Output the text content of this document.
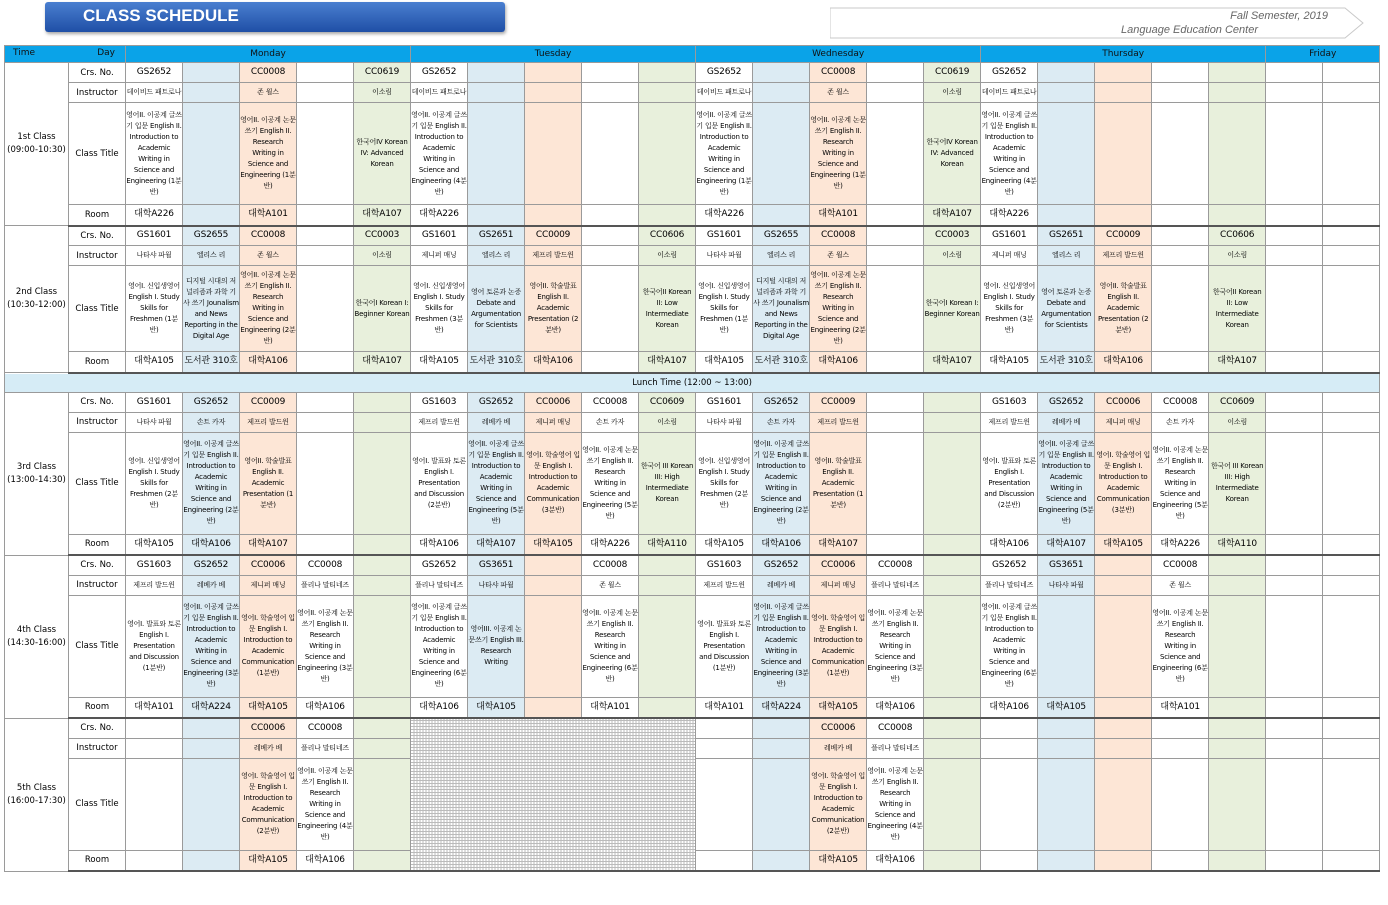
CLASS SCHEDULE	Fall Semester, 2019
Language Education Center
Time Day		Monday					Tuesday					Wednesday					Thursday					Friday	

1st Class
(09:00-10:30)	Crs. No.	GS2652		CC0008		CC0619	GS2652					GS2652		CC0008		CC0619	GS2652						
	Instructor	데이비드 패트로나		존 윌스		이소림	데이비드 패트로나					데이비드 패트로나		존 윌스		이소림	데이비드 패트로나						
	Class Title	영어II. 이공계 글쓰기 입문 English II. Introduction to Academic Writing in Science and Engineering (1분반)		영어II. 이공계 논문쓰기 English II. Research Writing in Science and Engineering (1분반)		한국어IV Korean IV: Advanced Korean	영어II. 이공계 글쓰기 입문 English II. Introduction to Academic Writing in Science and Engineering (4분반)					영어II. 이공계 글쓰기 입문 English II. Introduction to Academic Writing in Science and Engineering (1분반)		영어II. 이공계 논문쓰기 English II. Research Writing in Science and Engineering (1분반)		한국어IV Korean IV: Advanced Korean	영어II. 이공계 글쓰기 입문 English II. Introduction to Academic Writing in Science and Engineering (4분반)						
	Room	대학A226		대학A101		대학A107	대학A226					대학A226		대학A101		대학A107	대학A226						

2nd Class
(10:30-12:00)	Crs. No.	GS1601	GS2655	CC0008		CC0003	GS1601	GS2651	CC0009		CC0606	GS1601	GS2655	CC0008		CC0003	GS1601	GS2651	CC0009		CC0606		
	Instructor	나타샤 파월	엘리스 리	존 윌스		이소림	제니퍼 매닝	엘리스 리	제프리 발드윈		이소림	나타샤 파월	엘리스 리	존 윌스		이소림	제니퍼 매닝	엘리스 리	제프리 발드윈		이소림		
	Class Title	영어I. 신입생영어 English I. Study Skills for Freshmen (1분반)	디지털 시대의 저널리즘과 과학 기사 쓰기 Jounalism and News Reporting in the Digital Age	영어II. 이공계 논문쓰기 English II. Research Writing in Science and Engineering (2분반)		한국어I Korean I: Beginner Korean	영어I. 신입생영어 English I. Study Skills for Freshmen (3분반)	영어 토론과 논증 Debate and Argumentation for Scientists	영어II. 학술발표 English II. Academic Presentation (2분반)		한국어II Korean II: Low Intermediate Korean	영어I. 신입생영어 English I. Study Skills for Freshmen (1분반)	디지털 시대의 저널리즘과 과학 기사 쓰기 Jounalism and News Reporting in the Digital Age	영어II. 이공계 논문쓰기 English II. Research Writing in Science and Engineering (2분반)		한국어I Korean I: Beginner Korean	영어I. 신입생영어 English I. Study Skills for Freshmen (3분반)	영어 토론과 논증 Debate and Argumentation for Scientists	영어II. 학술발표 English II. Academic Presentation (2분반)		한국어II Korean II: Low Intermediate Korean		
	Room	대학A105	도서관 310호	대학A106		대학A107	대학A105	도서관 310호	대학A106		대학A107	대학A105	도서관 310호	대학A106		대학A107	대학A105	도서관 310호	대학A106		대학A107		
Lunch Time (12:00 ~ 13:00)																							

3rd Class
(13:00-14:30)	Crs. No.	GS1601	GS2652	CC0009			GS1603	GS2652	CC0006	CC0008	CC0609	GS1601	GS2652	CC0009			GS1603	GS2652	CC0006	CC0008	CC0609		
	Instructor	나타샤 파월	손트 카자	제프리 발드윈			제프리 발드윈	레베카 베	제니퍼 매닝	손트 카자	이소림	나타샤 파월	손트 카자	제프리 발드윈			제프리 발드윈	레베카 베	제니퍼 매닝	손트 카자	이소림		
	Class Title	영어I. 신입생영어 English I. Study Skills for Freshmen (2분반)	영어II. 이공계 글쓰기 입문 English II. Introduction to Academic Writing in Science and Engineering (2분반)	영어II. 학술발표 English II. Academic Presentation (1분반)			영어I. 발표와 토론 English I. Presentation and Discussion (2분반)	영어II. 이공계 글쓰기 입문 English II. Introduction to Academic Writing in Science and Engineering (5분반)	영어I. 학술영어 입문 English I. Introduction to Academic Communication (3분반)	영어II. 이공계 논문쓰기 English II. Research Writing in Science and Engineering (5분반)	한국어 III Korean III: High Intermediate Korean	영어I. 신입생영어 English I. Study Skills for Freshmen (2분반)	영어II. 이공계 글쓰기 입문 English II. Introduction to Academic Writing in Science and Engineering (2분반)	영어II. 학술발표 English II. Academic Presentation (1분반)			영어I. 발표와 토론 English I. Presentation and Discussion (2분반)	영어II. 이공계 글쓰기 입문 English II. Introduction to Academic Writing in Science and Engineering (5분반)	영어I. 학술영어 입문 English I. Introduction to Academic Communication (3분반)	영어II. 이공계 논문쓰기 English II. Research Writing in Science and Engineering (5분반)	한국어 III Korean III: High Intermediate Korean		
	Room	대학A105	대학A106	대학A107			대학A106	대학A107	대학A105	대학A226	대학A110	대학A105	대학A106	대학A107			대학A106	대학A107	대학A105	대학A226	대학A110		

4th Class
(14:30-16:00)	Crs. No.	GS1603	GS2652	CC0006	CC0008		GS2652	GS3651		CC0008		GS1603	GS2652	CC0006	CC0008		GS2652	GS3651		CC0008			
	Instructor	제프리 발드윈	레베카 베	제니퍼 매닝	플리나 말티네즈		플리나 말티네즈	나타샤 파월		존 윌스		제프리 발드윈	레베카 베	제니퍼 매닝	플리나 말티네즈		플리나 말티네즈	나타샤 파월		존 윌스			
	Class Title	영어I. 발표와 토론 English I. Presentation and Discussion (1분반)	영어II. 이공계 글쓰기 입문 English II. Introduction to Academic Writing in Science and Engineering (3분반)	영어I. 학술영어 입문 English I. Introduction to Academic Communication (1분반)	영어II. 이공계 논문쓰기 English II. Research Writing in Science and Engineering (3분반)		영어II. 이공계 글쓰기 입문 English II. Introduction to Academic Writing in Science and Engineering (6분반)	영어III. 이공계 논문쓰기 English III. Research Writing		영어II. 이공계 논문쓰기 English II. Research Writing in Science and Engineering (6분반)		영어I. 발표와 토론 English I. Presentation and Discussion (1분반)	영어II. 이공계 글쓰기 입문 English II. Introduction to Academic Writing in Science and Engineering (3분반)	영어I. 학술영어 입문 English I. Introduction to Academic Communication (1분반)	영어II. 이공계 논문쓰기 English II. Research Writing in Science and Engineering (3분반)		영어II. 이공계 글쓰기 입문 English II. Introduction to Academic Writing in Science and Engineering (6분반)			영어II. 이공계 논문쓰기 English II. Research Writing in Science and Engineering (6분반)			
	Room	대학A101	대학A224	대학A105	대학A106		대학A106	대학A105		대학A101		대학A101	대학A224	대학A105	대학A106		대학A106	대학A105		대학A101			

5th Class
(16:00-17:30)	Crs. No.			CC0006	CC0008									CC0006	CC0008								
	Instructor			레베카 베	플리나 말티네즈									레베카 베	플리나 말티네즈								
	Class Title			영어I. 학술영어 입문 English I. Introduction to Academic Communication (2분반)	영어II. 이공계 논문쓰기 English II. Research Writing in Science and Engineering (4분반)									영어I. 학술영어 입문 English I. Introduction to Academic Communication (2분반)	영어II. 이공계 논문쓰기 English II. Research Writing in Science and Engineering (4분반)								
	Room			대학A105	대학A106									대학A105	대학A106								
